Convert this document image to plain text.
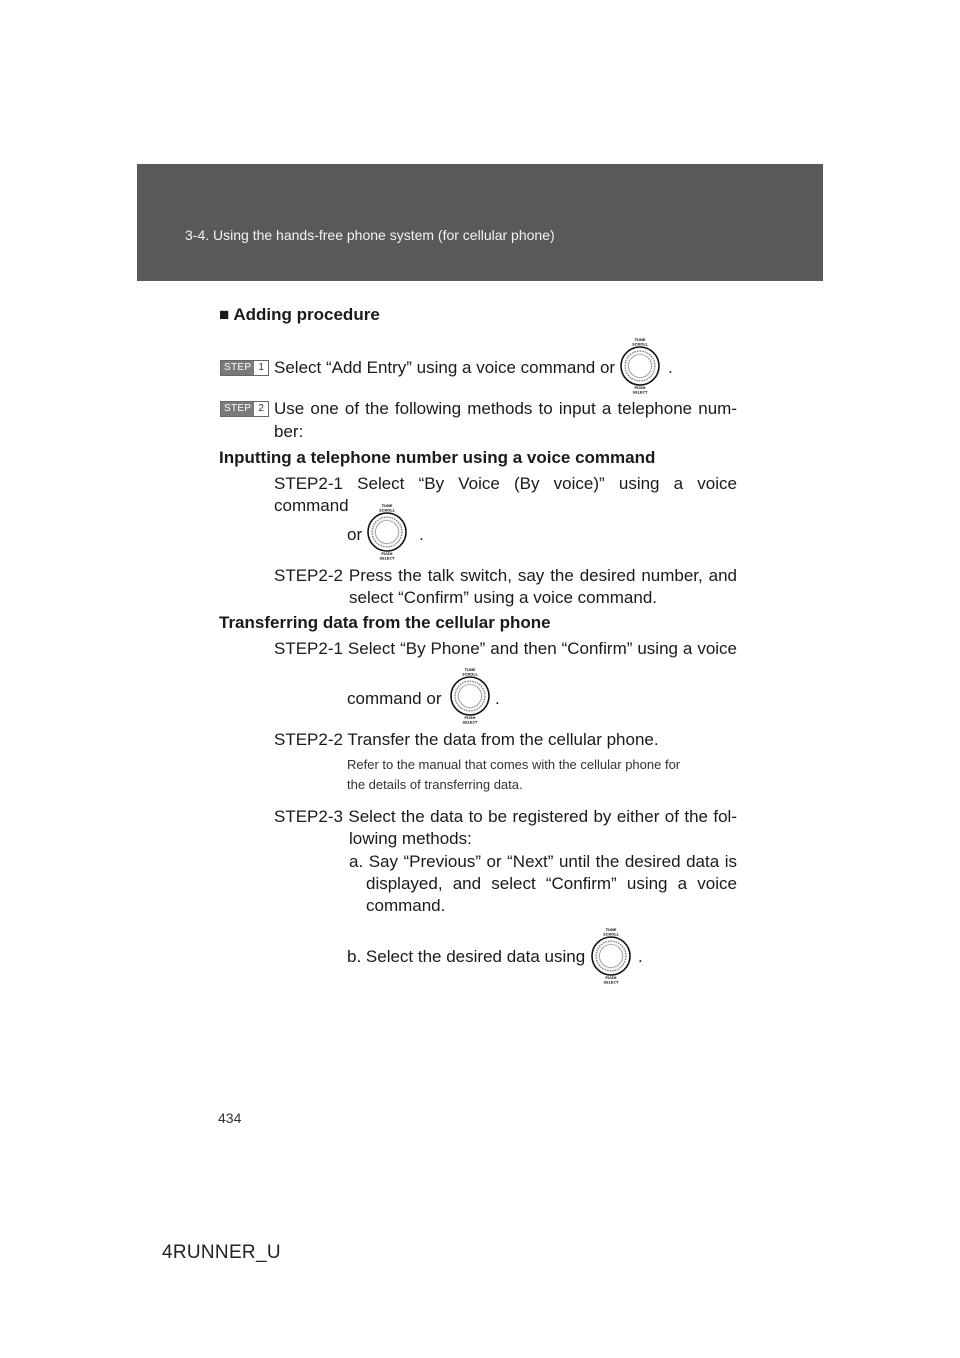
3-4. Using the hands-free phone system (for cellular phone)
■ Adding procedure
STEP 1 Select “Add Entry” using a voice command or	.
STEP 2 Use one of the following methods to input a telephone num-
ber:
Inputting a telephone number using a voice command
STEP2-1 Select “By Voice (By voice)” using a voice command
or	.
STEP2-2 Press the talk switch, say the desired number, and
select “Confirm” using a voice command.
Transferring data from the cellular phone
STEP2-1 Select “By Phone” and then “Confirm” using a voice
command or	.
STEP2-2 Transfer the data from the cellular phone.
Refer to the manual that comes with the cellular phone for
the details of transferring data.
STEP2-3 Select the data to be registered by either of the fol-
lowing methods:
a. Say “Previous” or “Next” until the desired data is
displayed, and select “Confirm” using a voice
command.
b. Select the desired data using	.
TUNE
SCROLL
PUSH
SELECT
TUNE
SCROLL
PUSH
SELECT
TUNE
SCROLL
PUSH
SELECT
TUNE
SCROLL
PUSH
SELECT
434
4RUNNER_U
